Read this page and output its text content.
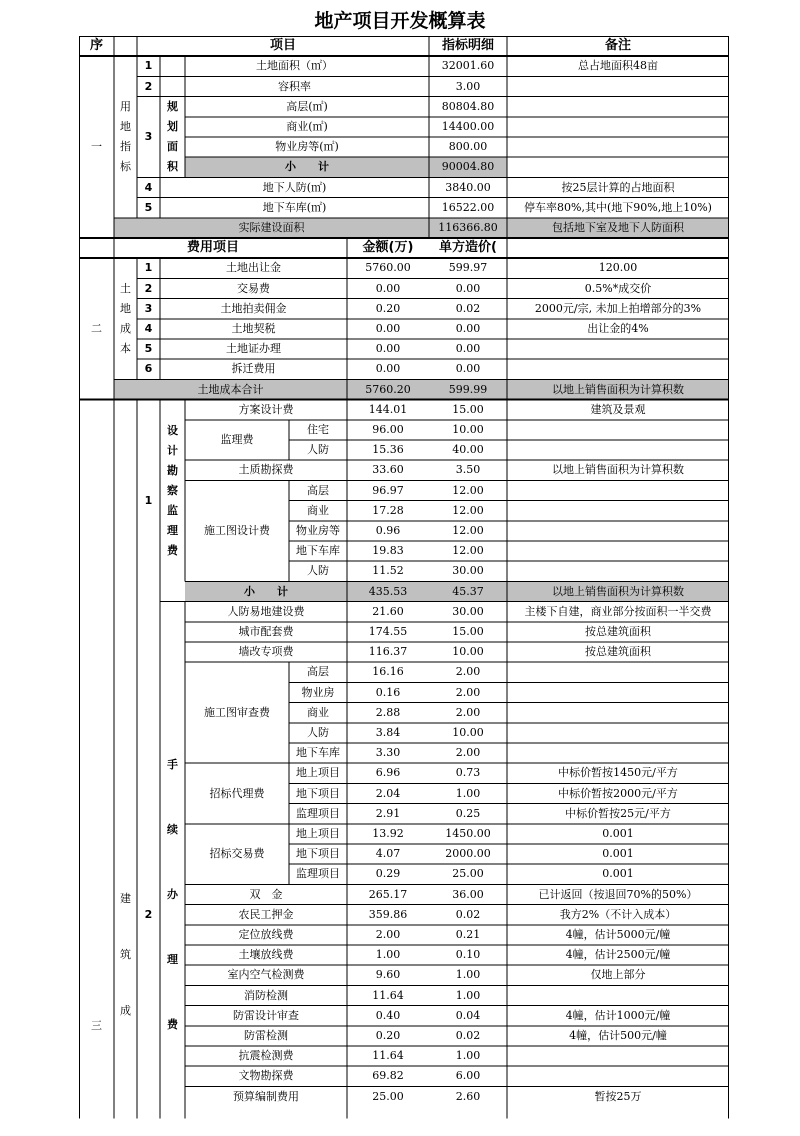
地产项目开发概算表
序	项目	指标明细	备注
一
用
地
指
标
规
划
面
积
1	土地面积（㎡）	32001.60	总占地面积48亩
2	容积率	3.00
3
高层(㎡)	80804.80
商业(㎡)	14400.00
物业房等(㎡)	800.00
小　　计	90004.80
4	地下人防(㎡)	3840.00	按25层计算的占地面积
5	地下车库(㎡)	16522.00	停车率80%,其中(地下90%,地上10%)
实际建设面积	116366.80	包括地下室及地下人防面积
费用项目	金额(万) 单方造价(
二
土
地
成
本
1	土地出让金	5760.00	599.97	120.00
2	交易费	0.00	0.00	0.5%*成交价
3	土地拍卖佣金	0.20	0.02	2000元/宗, 未加上拍增部分的3%
4	土地契税	0.00	0.00	出让金的4%
5	土地证办理	0.00	0.00
6	拆迁费用	0.00	0.00
土地成本合计	5760.20	599.99	以地上销售面积为计算积数
三
建
筑
成
1
设
计
勘
察
监
理
费
方案设计费	144.01	15.00	建筑及景观
监理费
住宅	96.00	10.00
人防	15.36	40.00
土质勘探费	33.60	3.50	以地上销售面积为计算积数
施工图设计费
高层	96.97	12.00
商业	17.28	12.00
物业房等	0.96	12.00
地下车库	19.83	12.00
人防	11.52	30.00
小　　计	435.53	45.37	以地上销售面积为计算积数
2
手
续
办
理
费
人防易地建设费	21.60	30.00	主楼下自建，商业部分按面积一半交费
城市配套费	174.55	15.00	按总建筑面积
墙改专项费	116.37	10.00	按总建筑面积
施工图审查费
高层	16.16	2.00
物业房	0.16	2.00
商业	2.88	2.00
人防	3.84	10.00
地下车库	3.30	2.00
招标代理费
地上项目	6.96	0.73	中标价暂按1450元/平方
地下项目	2.04	1.00	中标价暂按2000元/平方
监理项目	2.91	0.25	中标价暂按25元/平方
招标交易费
地上项目	13.92	1450.00	0.001
地下项目	4.07	2000.00	0.001
监理项目	0.29	25.00	0.001
双　金	265.17	36.00	已计返回（按退回70%的50%）
农民工押金	359.86	0.02	我方2%（不计入成本）
定位放线费	2.00	0.21	4幢，估计5000元/幢
土壤放线费	1.00	0.10	4幢，估计2500元/幢
室内空气检测费	9.60	1.00	仅地上部分
消防检测	11.64	1.00
防雷设计审查	0.40	0.04	4幢，估计1000元/幢
防雷检测	0.20	0.02	4幢，估计500元/幢
抗震检测费	11.64	1.00
文物勘探费	69.82	6.00
预算编制费用	25.00	2.60	暂按25万
